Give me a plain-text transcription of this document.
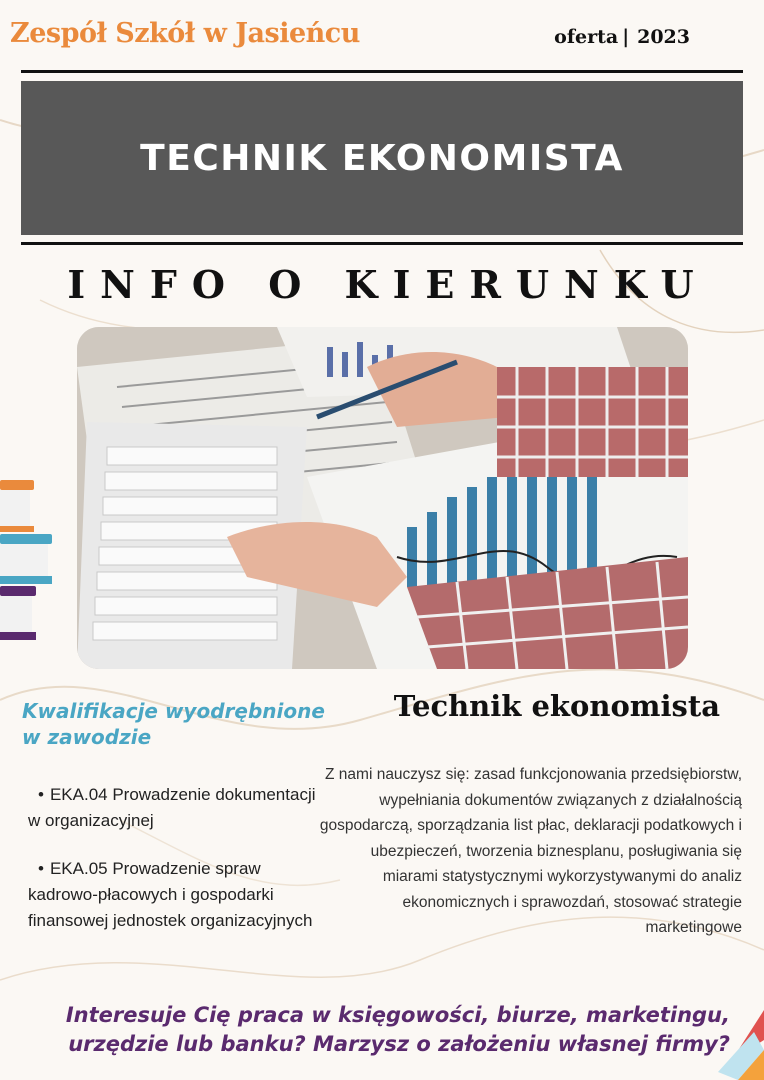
Zespół Szkół w Jasieńcu	oferta | 2023
TECHNIK EKONOMISTA
INFO O KIERUNKU
Kwalifikacje wyodrębnione w zawodzie
• EKA.04 Prowadzenie dokumentacji w organizacyjnej
• EKA.05 Prowadzenie spraw kadrowo-płacowych i gospodarki finansowej jednostek organizacyjnych
Technik ekonomista
Z nami nauczysz się: zasad funkcjonowania przedsiębiorstw, wypełniania dokumentów związanych z działalnością gospodarczą, sporządzania list płac, deklaracji podatkowych i ubezpieczeń, tworzenia biznesplanu, posługiwania się miarami statystycznymi wykorzystywanymi do analiz ekonomicznych i sprawozdań, stosować strategie marketingowe
Interesuje Cię praca w księgowości, biurze, marketingu, urzędzie lub banku? Marzysz o założeniu własnej firmy?
